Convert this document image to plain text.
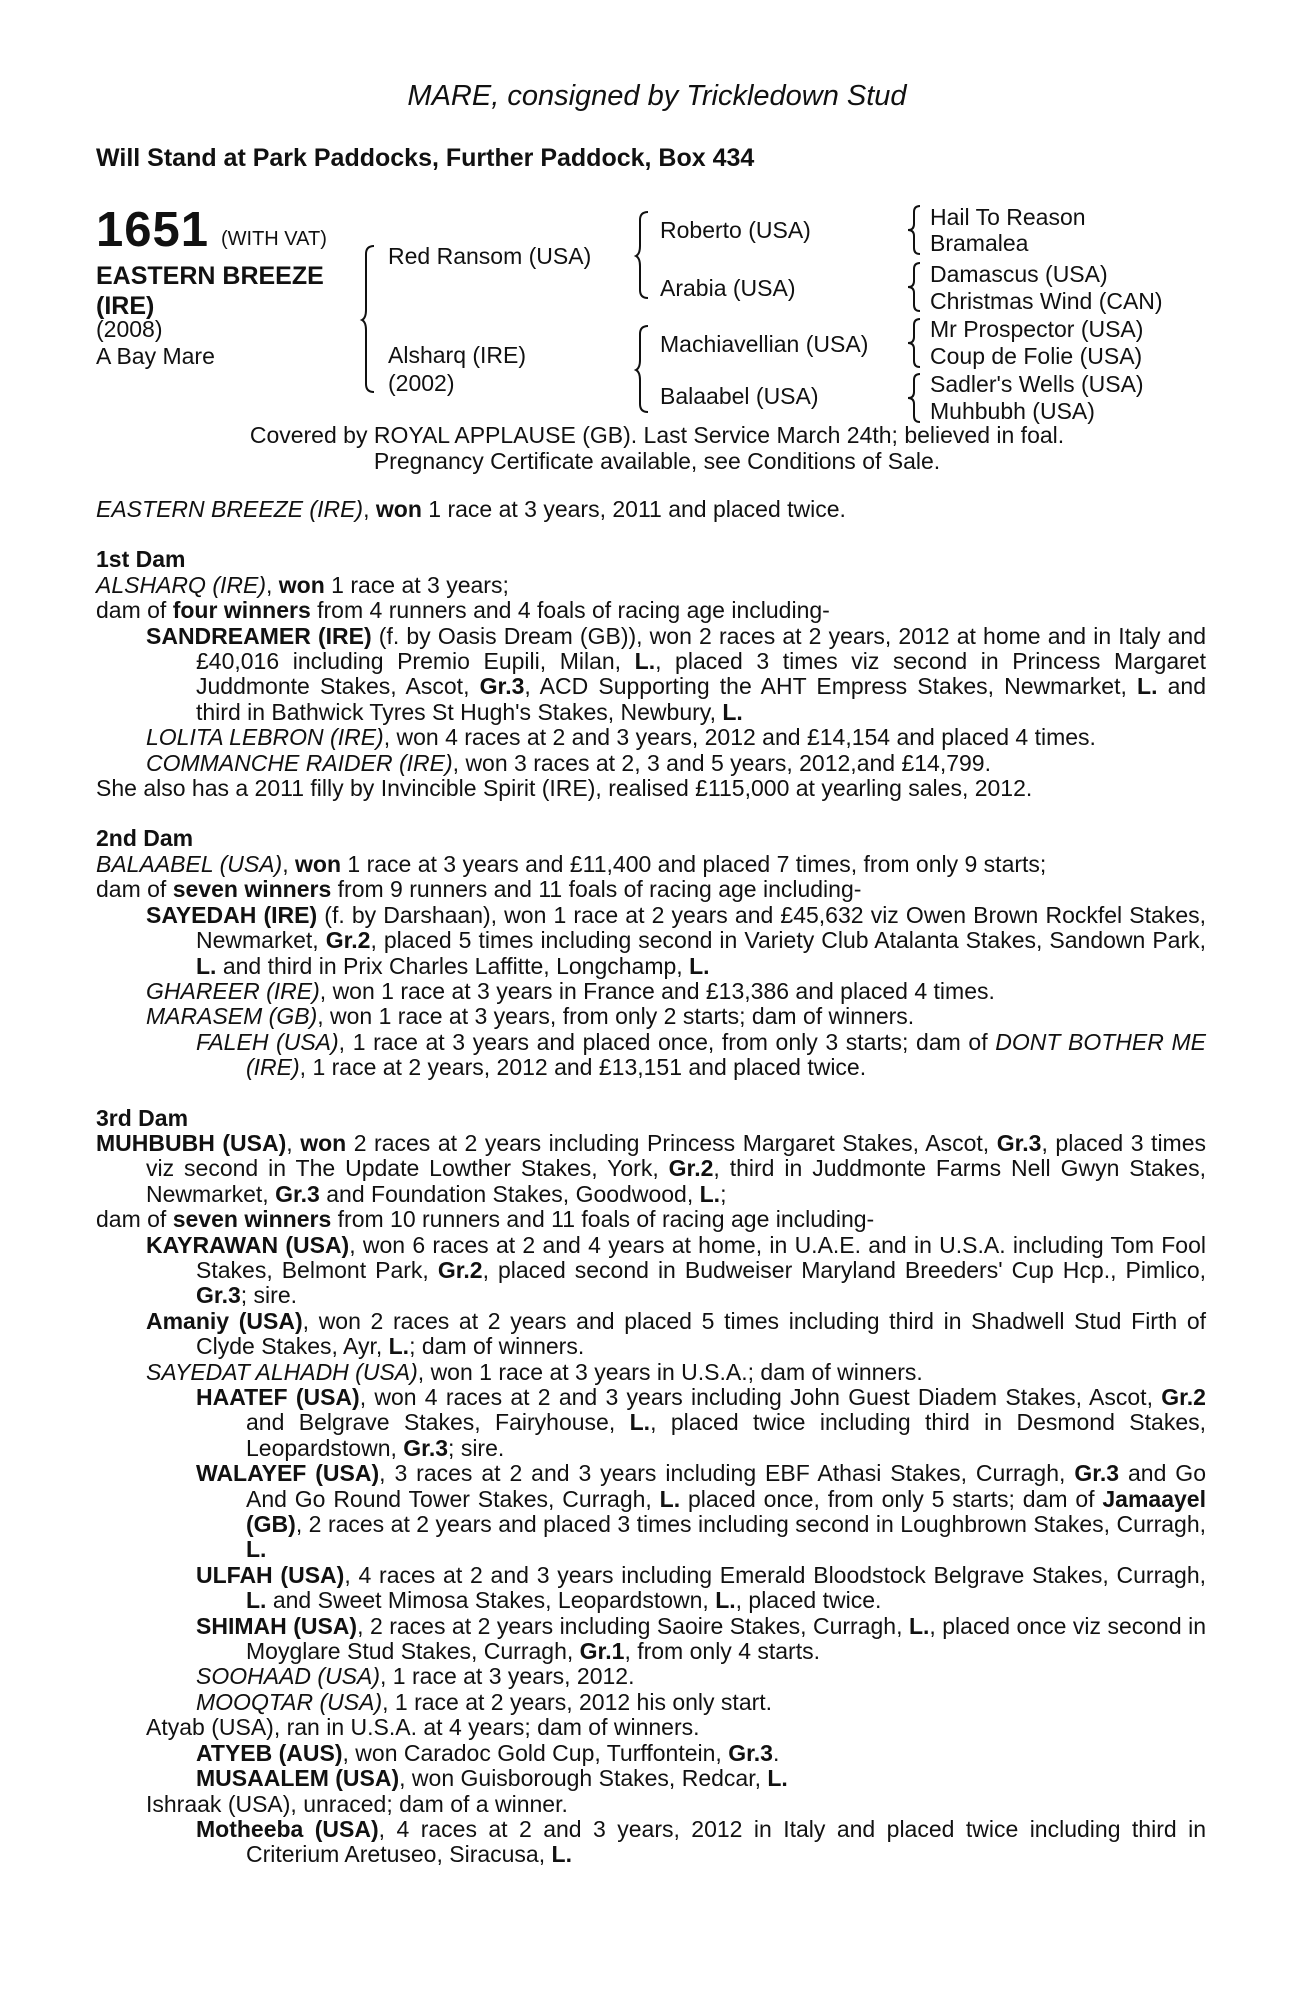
MARE, consigned by Trickledown Stud
Will Stand at Park Paddocks, Further Paddock, Box 434
1651 (WITH VAT)
EASTERN BREEZE
(IRE)
(2008)
A Bay Mare
Red Ransom (USA)
Alsharq (IRE)
(2002)
Roberto (USA)
Arabia (USA)
Machiavellian (USA)
Balaabel (USA)
Hail To Reason
Bramalea
Damascus (USA)
Christmas Wind (CAN)
Mr Prospector (USA)
Coup de Folie (USA)
Sadler's Wells (USA)
Muhbubh (USA)
Covered by ROYAL APPLAUSE (GB). Last Service March 24th; believed in foal.
Pregnancy Certificate available, see Conditions of Sale.

EASTERN BREEZE (IRE), won 1 race at 3 years, 2011 and placed twice.

1st Dam

ALSHARQ (IRE), won 1 race at 3 years;

dam of four winners from 4 runners and 4 foals of racing age including-

SANDREAMER (IRE) (f. by Oasis Dream (GB)), won 2 races at 2 years, 2012 at home and in Italy and £40,016 including Premio Eupili, Milan, L., placed 3 times viz second in Princess Margaret Juddmonte Stakes, Ascot, Gr.3, ACD Supporting the AHT Empress Stakes, Newmarket, L. and third in Bathwick Tyres St Hugh's Stakes, Newbury, L.

LOLITA LEBRON (IRE), won 4 races at 2 and 3 years, 2012 and £14,154 and placed 4 times.

COMMANCHE RAIDER (IRE), won 3 races at 2, 3 and 5 years, 2012,and £14,799.

She also has a 2011 filly by Invincible Spirit (IRE), realised £115,000 at yearling sales, 2012.

2nd Dam

BALAABEL (USA), won 1 race at 3 years and £11,400 and placed 7 times, from only 9 starts;

dam of seven winners from 9 runners and 11 foals of racing age including-

SAYEDAH (IRE) (f. by Darshaan), won 1 race at 2 years and £45,632 viz Owen Brown Rockfel Stakes, Newmarket, Gr.2, placed 5 times including second in Variety Club Atalanta Stakes, Sandown Park, L. and third in Prix Charles Laffitte, Longchamp, L.

GHAREER (IRE), won 1 race at 3 years in France and £13,386 and placed 4 times.

MARASEM (GB), won 1 race at 3 years, from only 2 starts; dam of winners.

FALEH (USA), 1 race at 3 years and placed once, from only 3 starts; dam of DONT BOTHER ME (IRE), 1 race at 2 years, 2012 and £13,151 and placed twice.

3rd Dam

MUHBUBH (USA), won 2 races at 2 years including Princess Margaret Stakes, Ascot, Gr.3, placed 3 times viz second in The Update Lowther Stakes, York, Gr.2, third in Juddmonte Farms Nell Gwyn Stakes, Newmarket, Gr.3 and Foundation Stakes, Goodwood, L.;

dam of seven winners from 10 runners and 11 foals of racing age including-

KAYRAWAN (USA), won 6 races at 2 and 4 years at home, in U.A.E. and in U.S.A. including Tom Fool Stakes, Belmont Park, Gr.2, placed second in Budweiser Maryland Breeders' Cup Hcp., Pimlico, Gr.3; sire.

Amaniy (USA), won 2 races at 2 years and placed 5 times including third in Shadwell Stud Firth of Clyde Stakes, Ayr, L.; dam of winners.

SAYEDAT ALHADH (USA), won 1 race at 3 years in U.S.A.; dam of winners.

HAATEF (USA), won 4 races at 2 and 3 years including John Guest Diadem Stakes, Ascot, Gr.2 and Belgrave Stakes, Fairyhouse, L., placed twice including third in Desmond Stakes, Leopardstown, Gr.3; sire.

WALAYEF (USA), 3 races at 2 and 3 years including EBF Athasi Stakes, Curragh, Gr.3 and Go And Go Round Tower Stakes, Curragh, L. placed once, from only 5 starts; dam of Jamaayel (GB), 2 races at 2 years and placed 3 times including second in Loughbrown Stakes, Curragh, L.

ULFAH (USA), 4 races at 2 and 3 years including Emerald Bloodstock Belgrave Stakes, Curragh, L. and Sweet Mimosa Stakes, Leopardstown, L., placed twice.

SHIMAH (USA), 2 races at 2 years including Saoire Stakes, Curragh, L., placed once viz second in Moyglare Stud Stakes, Curragh, Gr.1, from only 4 starts.

SOOHAAD (USA), 1 race at 3 years, 2012.

MOOQTAR (USA), 1 race at 2 years, 2012 his only start.

Atyab (USA), ran in U.S.A. at 4 years; dam of winners.

ATYEB (AUS), won Caradoc Gold Cup, Turffontein, Gr.3.

MUSAALEM (USA), won Guisborough Stakes, Redcar, L.

Ishraak (USA), unraced; dam of a winner.

Motheeba (USA), 4 races at 2 and 3 years, 2012 in Italy and placed twice including third in Criterium Aretuseo, Siracusa, L.
